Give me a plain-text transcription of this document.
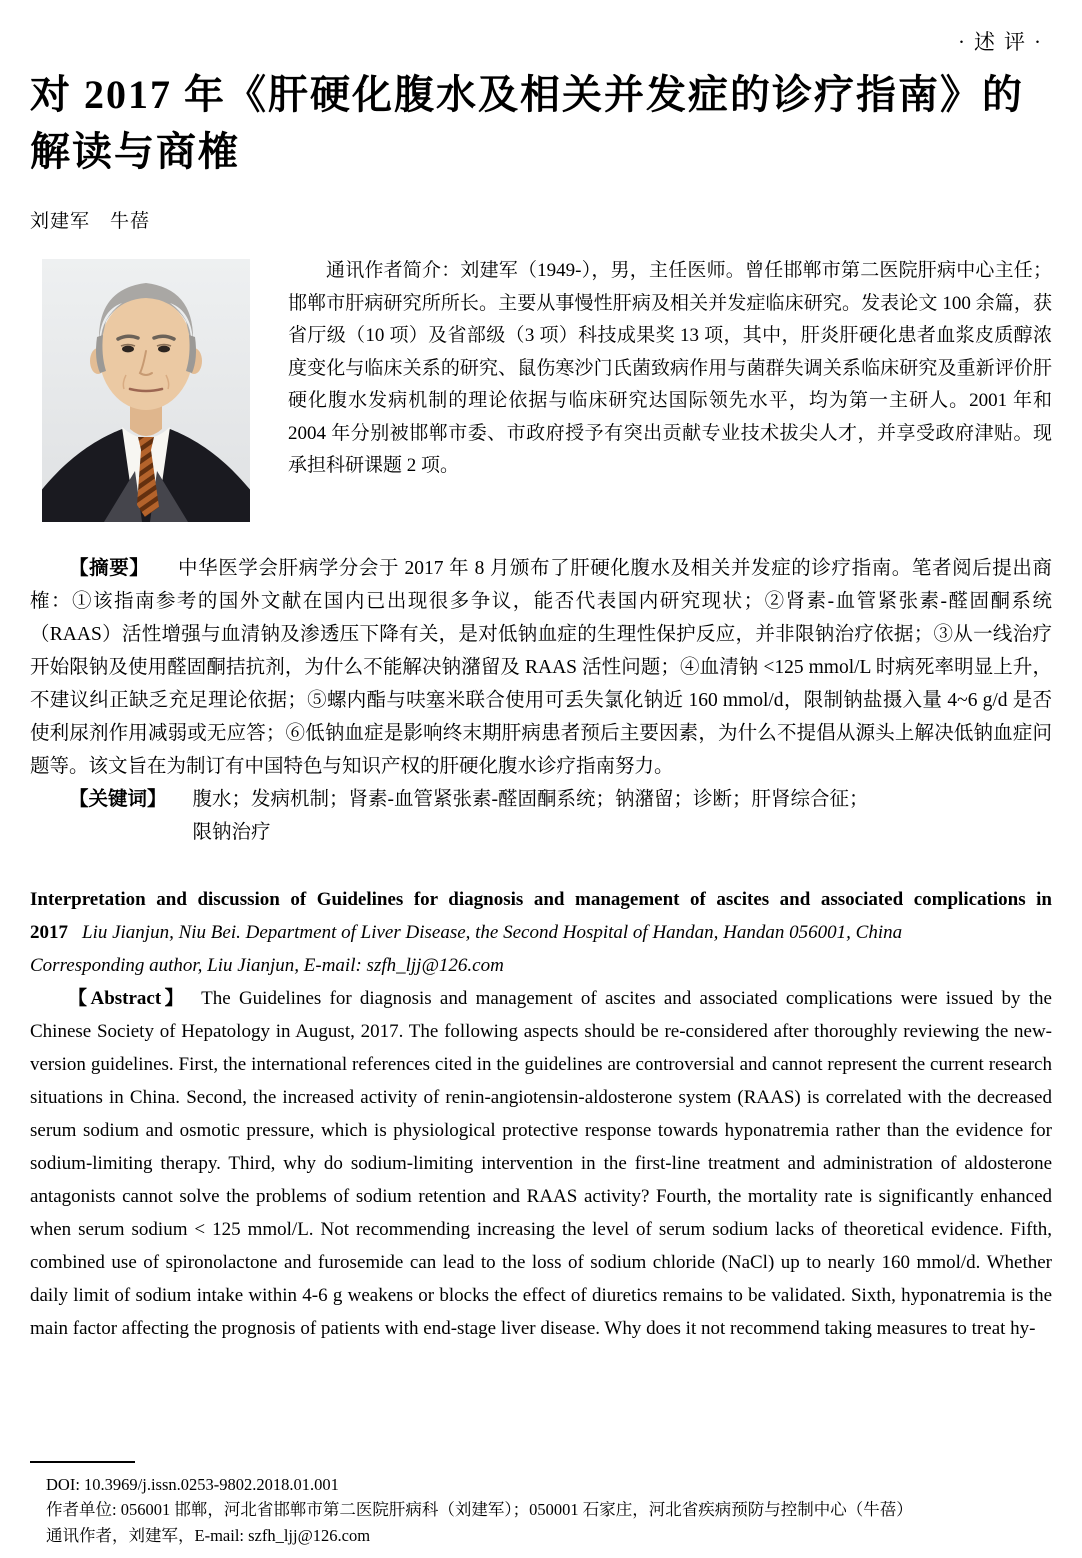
·述评·
对 2017 年《肝硬化腹水及相关并发症的诊疗指南》的解读与商榷
刘建军　牛蓓

通讯作者简介：刘建军（1949-），男，主任医师。曾任邯郸市第二医院肝病中心主任；邯郸市肝病研究所所长。主要从事慢性肝病及相关并发症临床研究。发表论文 100 余篇，获省厅级（10 项）及省部级（3 项）科技成果奖 13 项，其中，肝炎肝硬化患者血浆皮质醇浓度变化与临床关系的研究、鼠伤寒沙门氏菌致病作用与菌群失调关系临床研究及重新评价肝硬化腹水发病机制的理论依据与临床研究达国际领先水平，均为第一主研人。2001 年和 2004 年分别被邯郸市委、市政府授予有突出贡献专业技术拔尖人才，并享受政府津贴。现承担科研课题 2 项。

【摘要】 中华医学会肝病学分会于 2017 年 8 月颁布了肝硬化腹水及相关并发症的诊疗指南。笔者阅后提出商榷：①该指南参考的国外文献在国内已出现很多争议，能否代表国内研究现状；②肾素-血管紧张素-醛固酮系统（RAAS）活性增强与血清钠及渗透压下降有关，是对低钠血症的生理性保护反应，并非限钠治疗依据；③从一线治疗开始限钠及使用醛固酮拮抗剂，为什么不能解决钠潴留及 RAAS 活性问题；④血清钠 <125 mmol/L 时病死率明显上升，不建议纠正缺乏充足理论依据；⑤螺内酯与呋塞米联合使用可丢失氯化钠近 160 mmol/d，限制钠盐摄入量 4~6 g/d 是否使利尿剂作用减弱或无应答；⑥低钠血症是影响终末期肝病患者预后主要因素，为什么不提倡从源头上解决低钠血症问题等。该文旨在为制订有中国特色与知识产权的肝硬化腹水诊疗指南努力。

【关键词】 腹水；发病机制；肾素-血管紧张素-醛固酮系统；钠潴留；诊断；肝肾综合征；
限钠治疗

Interpretation and discussion of Guidelines for diagnosis and management of ascites and associated complications in 2017 Liu Jianjun, Niu Bei. Department of Liver Disease, the Second Hospital of Handan, Handan 056001, China

Corresponding author, Liu Jianjun, E-mail: szfh_ljj@126.com

【Abstract】 The Guidelines for diagnosis and management of ascites and associated complications were issued by the Chinese Society of Hepatology in August, 2017. The following aspects should be re-considered after thoroughly reviewing the new-version guidelines. First, the international references cited in the guidelines are controversial and cannot represent the current research situations in China. Second, the increased activity of renin-angiotensin-aldosterone system (RAAS) is correlated with the decreased serum sodium and osmotic pressure, which is physiological protective response towards hyponatremia rather than the evidence for sodium-limiting therapy. Third, why do sodium-limiting intervention in the first-line treatment and administration of aldosterone antagonists cannot solve the problems of sodium retention and RAAS activity? Fourth, the mortality rate is significantly enhanced when serum sodium < 125 mmol/L. Not recommending increasing the level of serum sodium lacks of theoretical evidence. Fifth, combined use of spironolactone and furosemide can lead to the loss of sodium chloride (NaCl) up to nearly 160 mmol/d. Whether daily limit of sodium intake within 4-6 g weakens or blocks the effect of diuretics remains to be validated. Sixth, hyponatremia is the main factor affecting the prognosis of patients with end-stage liver disease. Why does it not recommend taking measures to treat hy-

DOI: 10.3969/j.issn.0253-9802.2018.01.001
作者单位: 056001 邯郸，河北省邯郸市第二医院肝病科（刘建军）；050001 石家庄，河北省疾病预防与控制中心（牛蓓）
通讯作者，刘建军，E-mail: szfh_ljj@126.com
